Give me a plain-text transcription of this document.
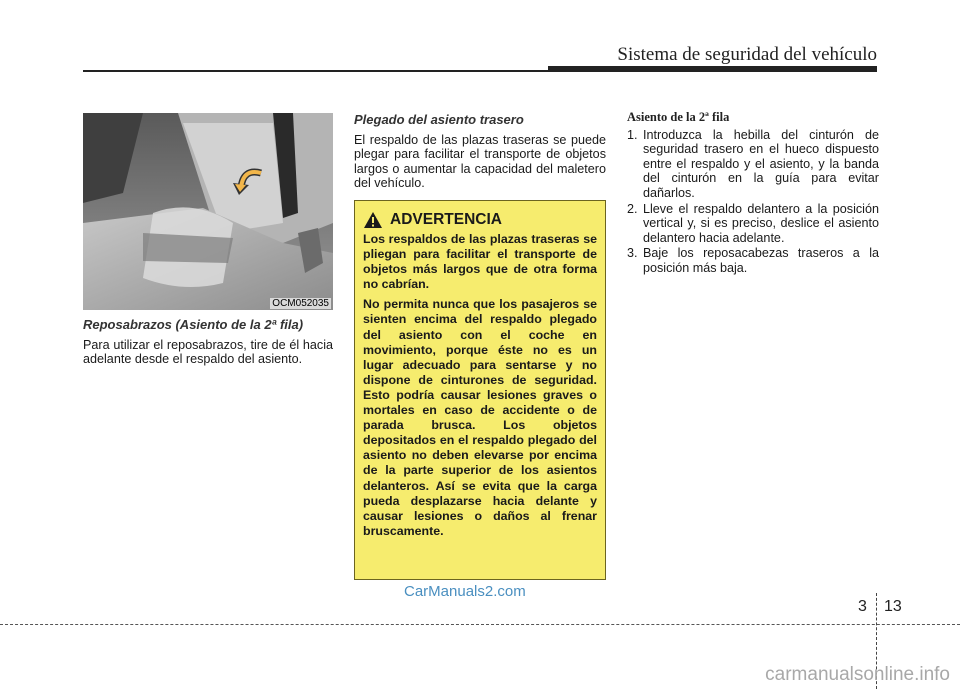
Sistema de seguridad del vehículo
OCM052035

Reposabrazos (Asiento de la 2ª fila)

Para utilizar el reposabrazos, tire de él hacia adelante desde el respaldo del asiento.

Plegado del asiento trasero

El respaldo de las plazas traseras se puede plegar para facilitar el transporte de objetos largos o aumentar la capacidad del maletero del vehículo.

ADVERTENCIA

Los respaldos de las plazas traseras se pliegan para facilitar el transporte de objetos más largos que de otra forma no cabrían.

No permita nunca que los pasajeros se sienten encima del respaldo plegado del asiento con el coche en movimiento, porque éste no es un lugar adecuado para sentarse y no dispone de cinturones de seguridad. Esto podría causar lesiones graves o mortales en caso de accidente o de parada brusca. Los objetos depositados en el respaldo plegado del asiento no deben elevarse por encima de la parte superior de los asientos delanteros. Así se evita que la carga pueda desplazarse hacia delante y causar lesiones o daños al frenar bruscamente.

Asiento de la 2ª fila

1. Introduzca la hebilla del cinturón de seguridad trasero en el hueco dispuesto entre el respaldo y el asiento, y la banda del cinturón en la guía para evitar dañarlos.
2. Lleve el respaldo delantero a la posición vertical y, si es preciso, deslice el asiento delantero hacia adelante.
3. Baje los reposacabezas traseros a la posición más baja.
CarManuals2.com
3 13
carmanualsonline.info
